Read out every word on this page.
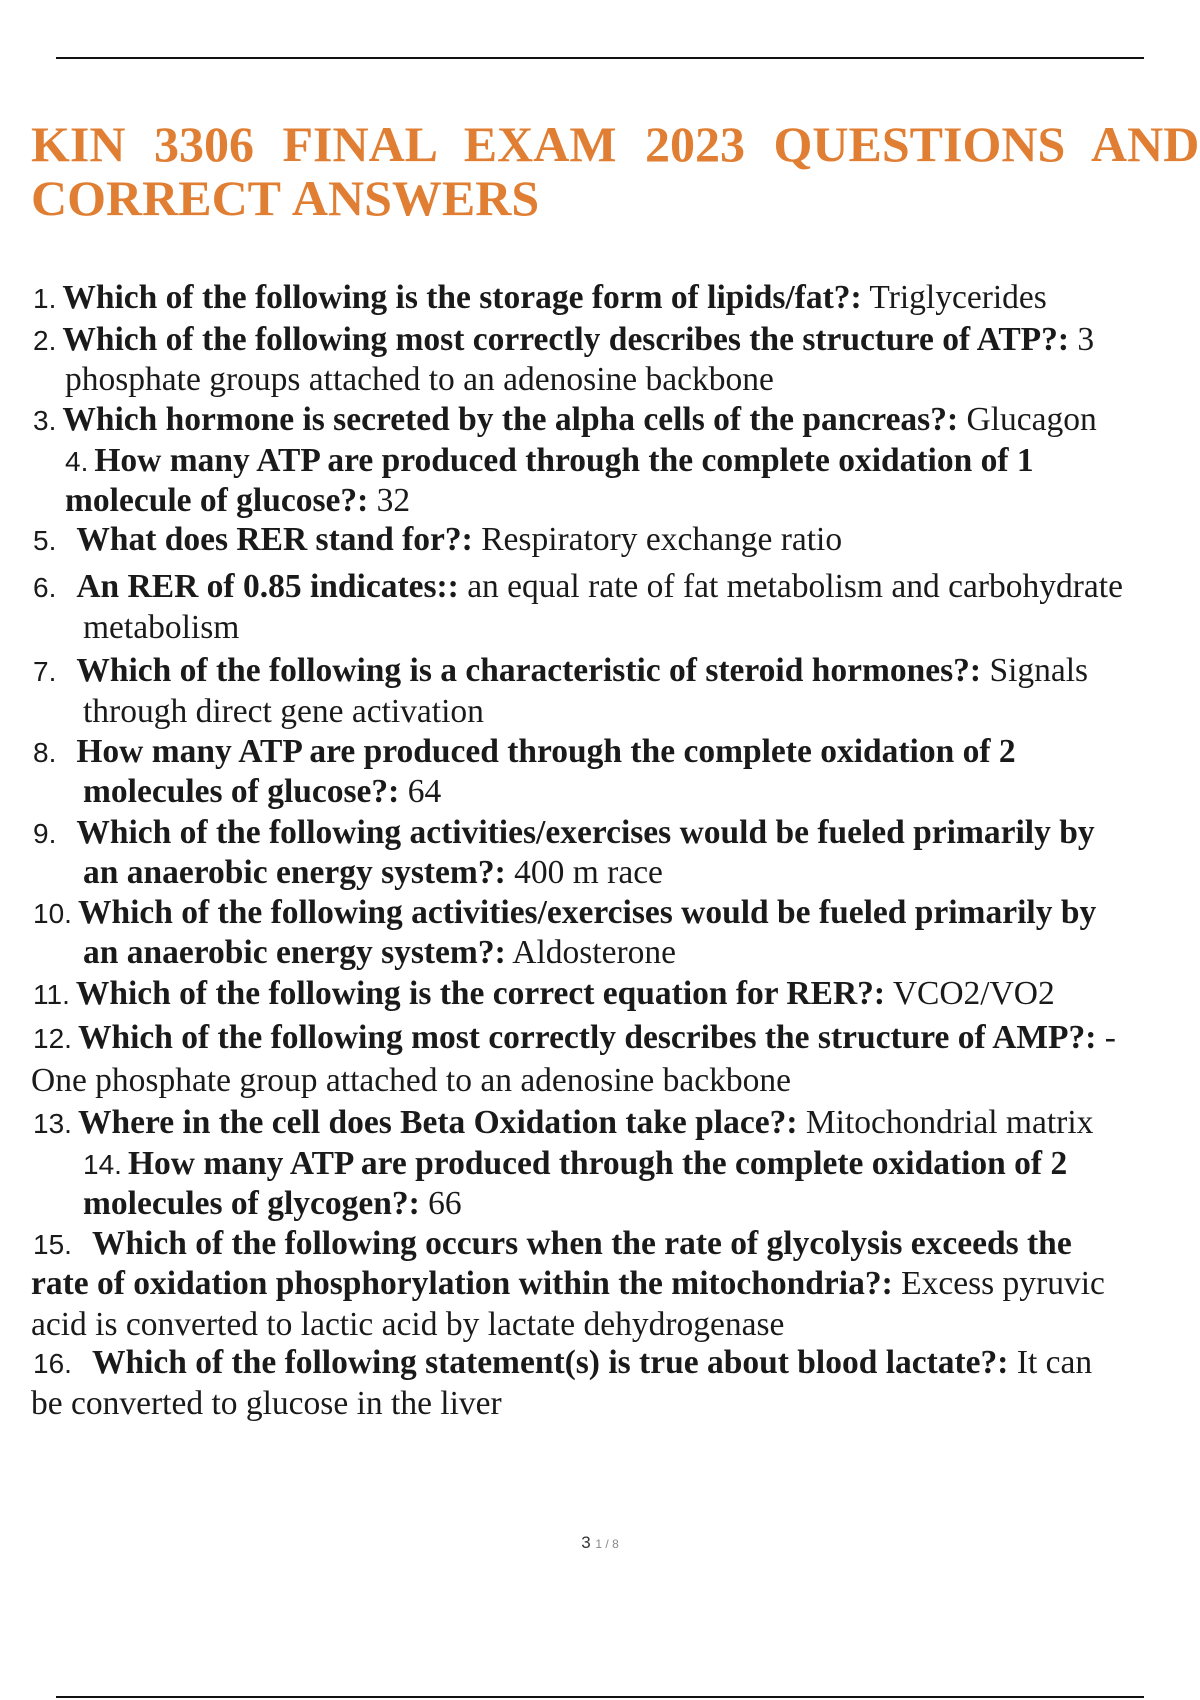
KIN 3306 FINAL EXAM 2023 QUESTIONS AND
CORRECT ANSWERS
1. Which of the following is the storage form of lipids/fat?: Triglycerides
2. Which of the following most correctly describes the structure of ATP?: 3
phosphate groups attached to an adenosine backbone
3. Which hormone is secreted by the alpha cells of the pancreas?: Glucagon
4. How many ATP are produced through the complete oxidation of 1
molecule of glucose?: 32
5. What does RER stand for?: Respiratory exchange ratio
6. An RER of 0.85 indicates:: an equal rate of fat metabolism and carbohydrate
metabolism
7. Which of the following is a characteristic of steroid hormones?: Signals
through direct gene activation
8. How many ATP are produced through the complete oxidation of 2
molecules of glucose?: 64
9. Which of the following activities/exercises would be fueled primarily by
an anaerobic energy system?: 400 m race
10. Which of the following activities/exercises would be fueled primarily by
an anaerobic energy system?: Aldosterone
11. Which of the following is the correct equation for RER?: VCO2/VO2
12. Which of the following most correctly describes the structure of AMP?: -
One phosphate group attached to an adenosine backbone
13. Where in the cell does Beta Oxidation take place?: Mitochondrial matrix
14. How many ATP are produced through the complete oxidation of 2
molecules of glycogen?: 66
15. Which of the following occurs when the rate of glycolysis exceeds the
rate of oxidation phosphorylation within the mitochondria?: Excess pyruvic
acid is converted to lactic acid by lactate dehydrogenase
16. Which of the following statement(s) is true about blood lactate?: It can
be converted to glucose in the liver
3 1 / 8
